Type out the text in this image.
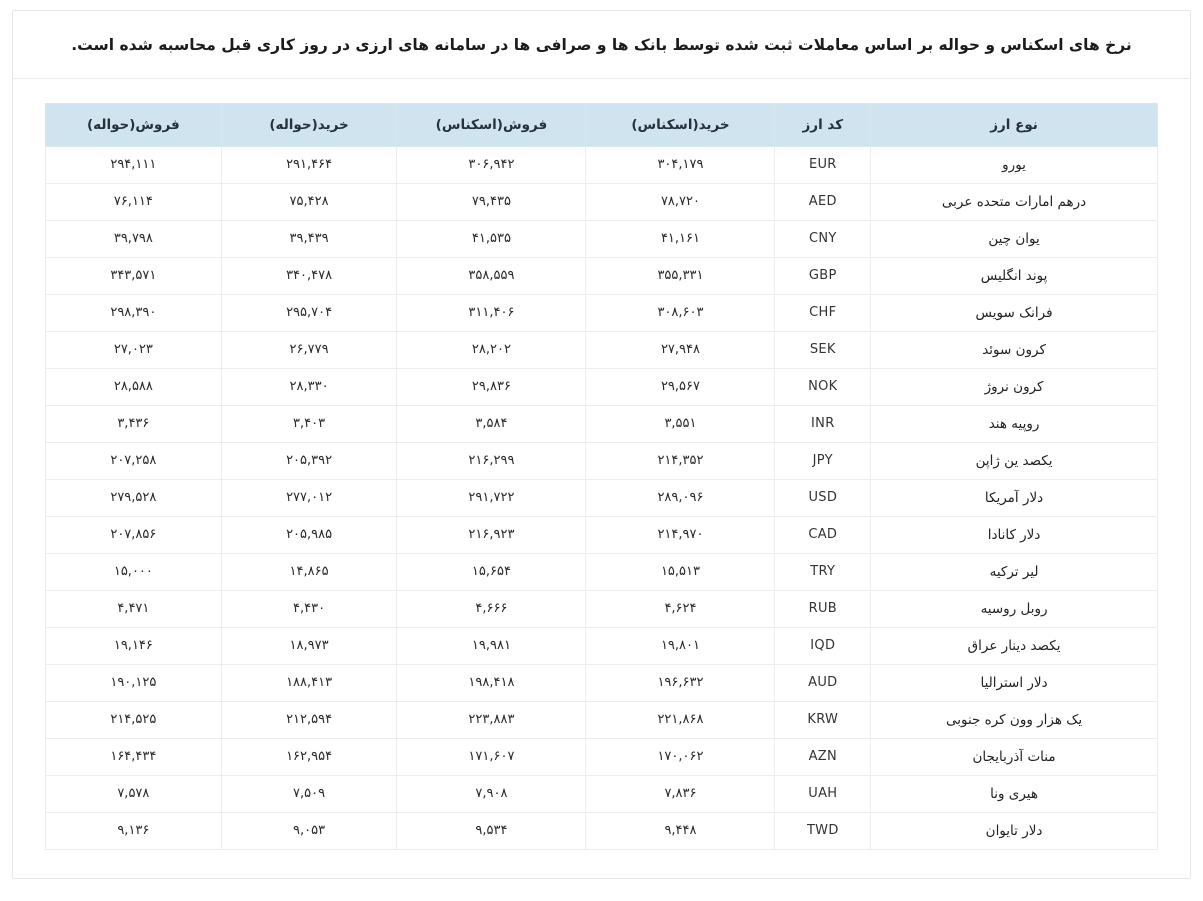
نرخ های اسکناس و حواله بر اساس معاملات ثبت شده توسط بانک ها و صرافی ها در سامانه های ارزی در روز کاری قبل محاسبه شده است.
نوع ارز	کد ارز	خرید(اسکناس)	فروش(اسکناس)	خرید(حواله)	فروش(حواله)
یورو	EUR	۳۰۴,۱۷۹	۳۰۶,۹۴۲	۲۹۱,۴۶۴	۲۹۴,۱۱۱
درهم امارات متحده عربی	AED	۷۸,۷۲۰	۷۹,۴۳۵	۷۵,۴۲۸	۷۶,۱۱۴
یوان چین	CNY	۴۱,۱۶۱	۴۱,۵۳۵	۳۹,۴۳۹	۳۹,۷۹۸
پوند انگلیس	GBP	۳۵۵,۳۳۱	۳۵۸,۵۵۹	۳۴۰,۴۷۸	۳۴۳,۵۷۱
فرانک سویس	CHF	۳۰۸,۶۰۳	۳۱۱,۴۰۶	۲۹۵,۷۰۴	۲۹۸,۳۹۰
کرون سوئد	SEK	۲۷,۹۴۸	۲۸,۲۰۲	۲۶,۷۷۹	۲۷,۰۲۳
کرون نروژ	NOK	۲۹,۵۶۷	۲۹,۸۳۶	۲۸,۳۳۰	۲۸,۵۸۸
روپیه هند	INR	۳,۵۵۱	۳,۵۸۴	۳,۴۰۳	۳,۴۳۶
یکصد ین ژاپن	JPY	۲۱۴,۳۵۲	۲۱۶,۲۹۹	۲۰۵,۳۹۲	۲۰۷,۲۵۸
دلار آمریکا	USD	۲۸۹,۰۹۶	۲۹۱,۷۲۲	۲۷۷,۰۱۲	۲۷۹,۵۲۸
دلار کانادا	CAD	۲۱۴,۹۷۰	۲۱۶,۹۲۳	۲۰۵,۹۸۵	۲۰۷,۸۵۶
لیر ترکیه	TRY	۱۵,۵۱۳	۱۵,۶۵۴	۱۴,۸۶۵	۱۵,۰۰۰
روبل روسیه	RUB	۴,۶۲۴	۴,۶۶۶	۴,۴۳۰	۴,۴۷۱
یکصد دینار عراق	IQD	۱۹,۸۰۱	۱۹,۹۸۱	۱۸,۹۷۳	۱۹,۱۴۶
دلار استرالیا	AUD	۱۹۶,۶۳۲	۱۹۸,۴۱۸	۱۸۸,۴۱۳	۱۹۰,۱۲۵
یک هزار وون کره جنوبی	KRW	۲۲۱,۸۶۸	۲۲۳,۸۸۳	۲۱۲,۵۹۴	۲۱۴,۵۲۵
منات آذربایجان	AZN	۱۷۰,۰۶۲	۱۷۱,۶۰۷	۱۶۲,۹۵۴	۱۶۴,۴۳۴
هیری ونا	UAH	۷,۸۳۶	۷,۹۰۸	۷,۵۰۹	۷,۵۷۸
دلار تایوان	TWD	۹,۴۴۸	۹,۵۳۴	۹,۰۵۳	۹,۱۳۶
